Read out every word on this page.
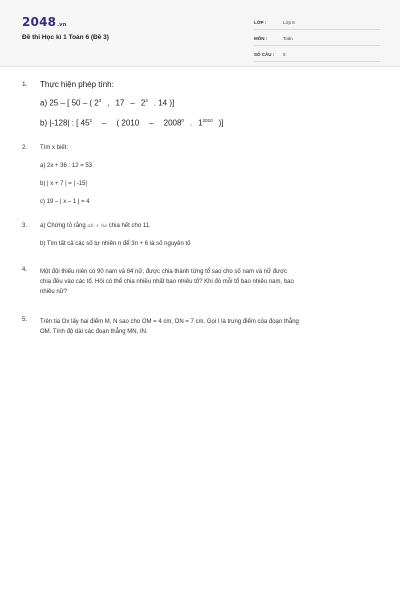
2048.vn
Đề thi Học kì 1 Toán 6 (Đề 3)
LỚP :	Lớp 6
MÔN :	Toán
SỐ CÂU :	5
1.	Thực hiện phép tính:

a) 25 – [ 50 – ( $2^3$ , $17 - 2^3$ . 14 )]

b) |-128| : [ $45^2$ – ( 2010 – 2008$^0$ . $1^{2010}$ )]

2.	Tìm x biết:

a) 2x + 36 : 12 = 53

b) | x + 7 | = | -15|

c) 19 – | x – 1 | = 4

3.	a) Chứng tỏ rằng ab + ba chia hết cho 11.

b) Tìm tất cả các số tự nhiên n để 3n + 6 là số nguyên tố

4.	Một đội thiếu niên có 90 nam và 84 nữ, được chia thành từng tổ sao cho số nam và nữ được

chia đều vào các tổ. Hỏi có thể chia nhiều nhất bao nhiêu tổ? Khi đó mỗi tổ bao nhiêu nam, bao

nhiêu nữ?

5.	Trên tia Ox lấy hai điểm M, N sao cho OM = 4 cm, ON = 7 cm. Gọi I là trung điểm của đoạn thẳng

OM. Tính độ dài các đoạn thẳng MN, IN.
